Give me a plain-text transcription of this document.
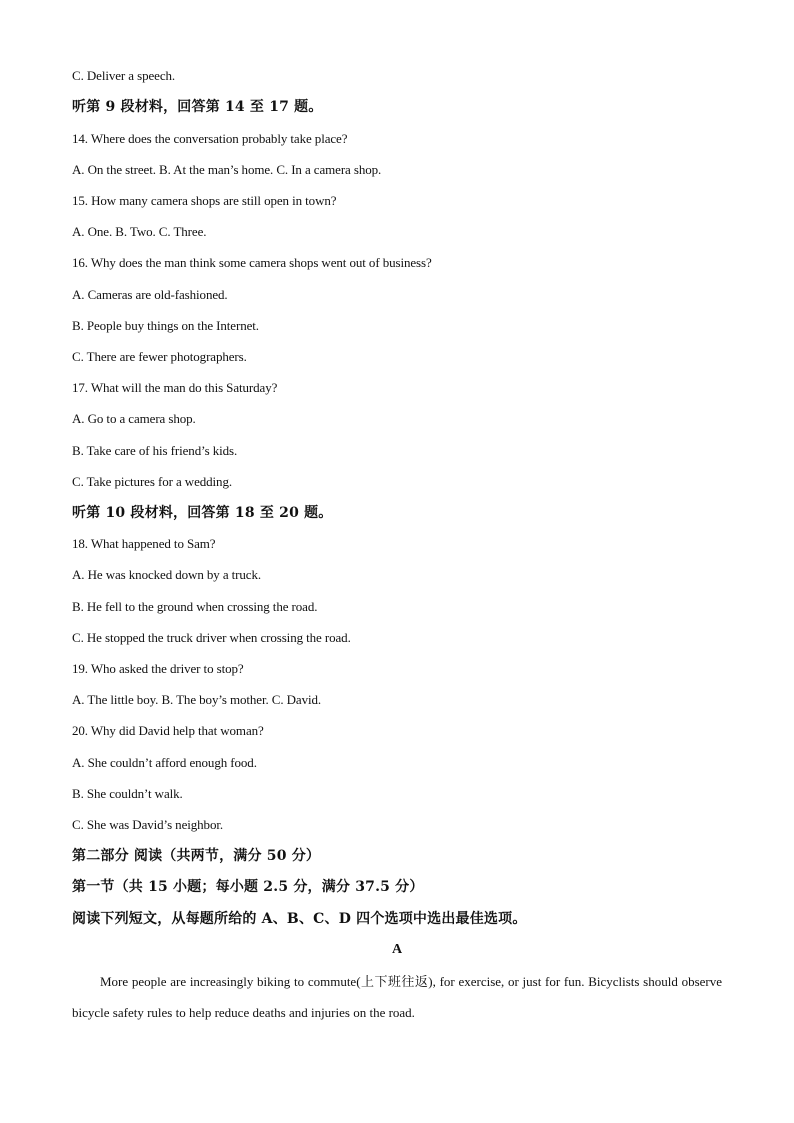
C. Deliver a speech.
听第 9 段材料，回答第 14 至 17 题。
14. Where does the conversation probably take place?
A. On the street. B. At the man’s home. C. In a camera shop.
15. How many camera shops are still open in town?
A. One. B. Two. C. Three.
16. Why does the man think some camera shops went out of business?
A. Cameras are old-fashioned.
B. People buy things on the Internet.
C. There are fewer photographers.
17. What will the man do this Saturday?
A. Go to a camera shop.
B. Take care of his friend’s kids.
C. Take pictures for a wedding.
听第 10 段材料，回答第 18 至 20 题。
18. What happened to Sam?
A. He was knocked down by a truck.
B. He fell to the ground when crossing the road.
C. He stopped the truck driver when crossing the road.
19. Who asked the driver to stop?
A. The little boy. B. The boy’s mother. C. David.
20. Why did David help that woman?
A. She couldn’t afford enough food.
B. She couldn’t walk.
C. She was David’s neighbor.
第二部分 阅读（共两节，满分 50 分）
第一节（共 15 小题；每小题 2.5 分，满分 37.5 分）
阅读下列短文，从每题所给的 A、B、C、D 四个选项中选出最佳选项。
A
More people are increasingly biking to commute(上下班往返), for exercise, or just for fun. Bicyclists should observe bicycle safety rules to help reduce deaths and injuries on the road.
